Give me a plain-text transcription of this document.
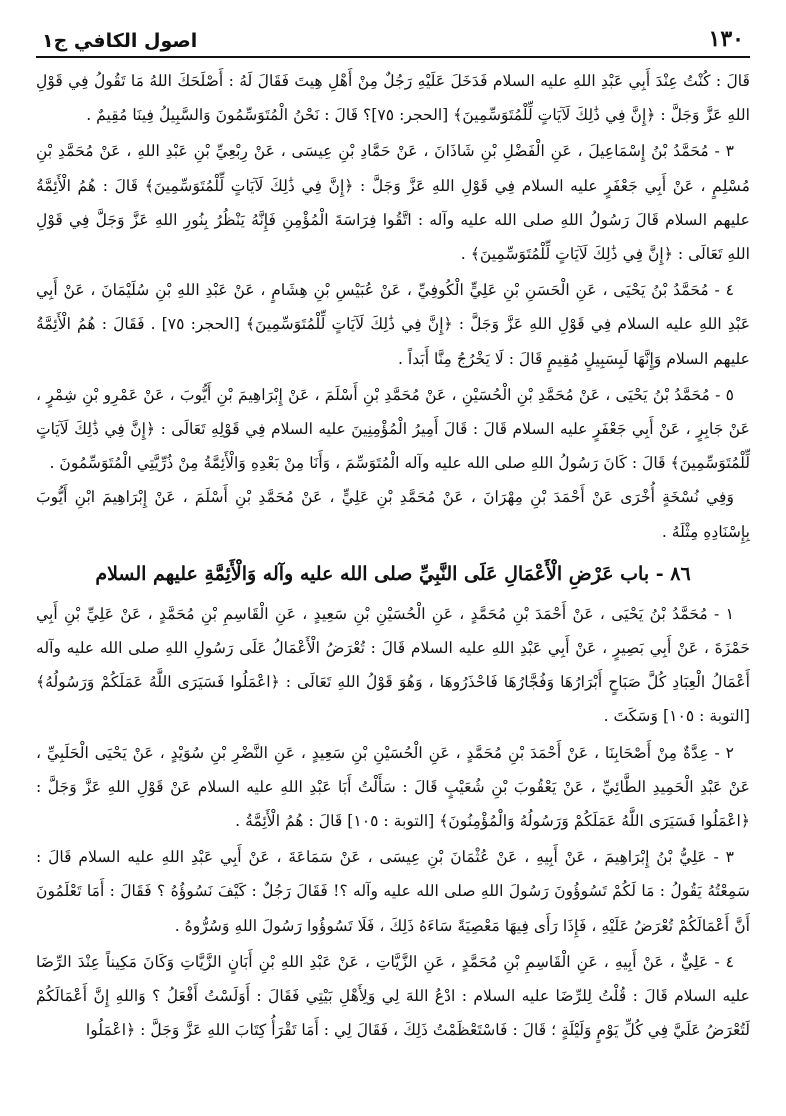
١٣٠
اصول الكافي ج١

قَالَ : كُنْتُ عِنْدَ أَبِي عَبْدِ اللهِ عليه السلام فَدَخَلَ عَلَيْهِ رَجُلٌ مِنْ أَهْلِ هِيتَ فَقَالَ لَهُ : أَصْلَحَكَ اللهُ مَا تَقُولُ فِي قَوْلِ اللهِ عَزَّ وَجَلَّ : ﴿إِنَّ فِي ذَٰلِكَ لَآيَاتٍ لِّلْمُتَوَسِّمِينَ﴾ [الحجر: ٧٥]؟ قَالَ : نَحْنُ الْمُتَوَسِّمُونَ وَالسَّبِيلُ فِينَا مُقِيمٌ .

٣ - مُحَمَّدُ بْنُ إِسْمَاعِيلَ ، عَنِ الْفَضْلِ بْنِ شَاذَانَ ، عَنْ حَمَّادِ بْنِ عِيسَى ، عَنْ رِبْعِيِّ بْنِ عَبْدِ اللهِ ، عَنْ مُحَمَّدِ بْنِ مُسْلِمٍ ، عَنْ أَبِي جَعْفَرٍ عليه السلام فِي قَوْلِ اللهِ عَزَّ وَجَلَّ : ﴿إِنَّ فِي ذَٰلِكَ لَآيَاتٍ لِّلْمُتَوَسِّمِينَ﴾ قَالَ : هُمُ الْأَئِمَّةُ عليهم السلام قَالَ رَسُولُ اللهِ صلى الله عليه وآله : اتَّقُوا فِرَاسَةَ الْمُؤْمِنِ فَإِنَّهُ يَنْظُرُ بِنُورِ اللهِ عَزَّ وَجَلَّ فِي قَوْلِ اللهِ تَعَالَى : ﴿إِنَّ فِي ذَٰلِكَ لَآيَاتٍ لِّلْمُتَوَسِّمِينَ﴾ .

٤ - مُحَمَّدُ بْنُ يَحْيَى ، عَنِ الْحَسَنِ بْنِ عَلِيٍّ الْكُوفِيِّ ، عَنْ عُبَيْسِ بْنِ هِشَامٍ ، عَنْ عَبْدِ اللهِ بْنِ سُلَيْمَانَ ، عَنْ أَبِي عَبْدِ اللهِ عليه السلام فِي قَوْلِ اللهِ عَزَّ وَجَلَّ : ﴿إِنَّ فِي ذَٰلِكَ لَآيَاتٍ لِّلْمُتَوَسِّمِينَ﴾ [الحجر: ٧٥] . فَقَالَ : هُمُ الْأَئِمَّةُ عليهم السلام وَإِنَّهَا لَبِسَبِيلٍ مُقِيمٍ قَالَ : لَا يَخْرُجُ مِنَّا أَبَداً .

٥ - مُحَمَّدُ بْنُ يَحْيَى ، عَنْ مُحَمَّدِ بْنِ الْحُسَيْنِ ، عَنْ مُحَمَّدِ بْنِ أَسْلَمَ ، عَنْ إِبْرَاهِيمَ بْنِ أَيُّوبَ ، عَنْ عَمْرِو بْنِ شِمْرٍ ، عَنْ جَابِرٍ ، عَنْ أَبِي جَعْفَرٍ عليه السلام قَالَ : قَالَ أَمِيرُ الْمُؤْمِنِينَ عليه السلام فِي قَوْلِهِ تَعَالَى : ﴿إِنَّ فِي ذَٰلِكَ لَآيَاتٍ لِّلْمُتَوَسِّمِينَ﴾ قَالَ : كَانَ رَسُولُ اللهِ صلى الله عليه وآله الْمُتَوَسِّمَ ، وَأَنَا مِنْ بَعْدِهِ وَالْأَئِمَّةُ مِنْ ذُرِّيَّتِي الْمُتَوَسِّمُونَ .

وَفِي نُسْخَةٍ أُخْرَى عَنْ أَحْمَدَ بْنِ مِهْرَانَ ، عَنْ مُحَمَّدِ بْنِ عَلِيٍّ ، عَنْ مُحَمَّدِ بْنِ أَسْلَمَ ، عَنْ إِبْرَاهِيمَ ابْنِ أَيُّوبَ بِإِسْنَادِهِ مِثْلَهُ .

٨٦ - باب عَرْضِ الْأَعْمَالِ عَلَى النَّبِيِّ صلى الله عليه وآله وَالْأَئِمَّةِ عليهم السلام

١ - مُحَمَّدُ بْنُ يَحْيَى ، عَنْ أَحْمَدَ بْنِ مُحَمَّدٍ ، عَنِ الْحُسَيْنِ بْنِ سَعِيدٍ ، عَنِ الْقَاسِمِ بْنِ مُحَمَّدٍ ، عَنْ عَلِيِّ بْنِ أَبِي حَمْزَةَ ، عَنْ أَبِي بَصِيرٍ ، عَنْ أَبِي عَبْدِ اللهِ عليه السلام قَالَ : تُعْرَضُ الْأَعْمَالُ عَلَى رَسُولِ اللهِ صلى الله عليه وآله أَعْمَالُ الْعِبَادِ كُلَّ صَبَاحٍ أَبْرَارُهَا وَفُجَّارُهَا فَاحْذَرُوهَا ، وَهُوَ قَوْلُ اللهِ تَعَالَى : ﴿اعْمَلُوا فَسَيَرَى اللَّهُ عَمَلَكُمْ وَرَسُولُهُ﴾ [التوبة : ١٠٥] وَسَكَتَ .

٢ - عِدَّةٌ مِنْ أَصْحَابِنَا ، عَنْ أَحْمَدَ بْنِ مُحَمَّدٍ ، عَنِ الْحُسَيْنِ بْنِ سَعِيدٍ ، عَنِ النَّضْرِ بْنِ سُوَيْدٍ ، عَنْ يَحْيَى الْحَلَبِيِّ ، عَنْ عَبْدِ الْحَمِيدِ الطَّائِيِّ ، عَنْ يَعْقُوبَ بْنِ شُعَيْبٍ قَالَ : سَأَلْتُ أَبَا عَبْدِ اللهِ عليه السلام عَنْ قَوْلِ اللهِ عَزَّ وَجَلَّ : ﴿اعْمَلُوا فَسَيَرَى اللَّهُ عَمَلَكُمْ وَرَسُولُهُ وَالْمُؤْمِنُونَ﴾ [التوبة : ١٠٥] قَالَ : هُمُ الْأَئِمَّةُ .

٣ - عَلِيُّ بْنُ إِبْرَاهِيمَ ، عَنْ أَبِيهِ ، عَنْ عُثْمَانَ بْنِ عِيسَى ، عَنْ سَمَاعَةَ ، عَنْ أَبِي عَبْدِ اللهِ عليه السلام قَالَ : سَمِعْتُهُ يَقُولُ : مَا لَكُمْ تَسُوؤُونَ رَسُولَ اللهِ صلى الله عليه وآله ؟! فَقَالَ رَجُلٌ : كَيْفَ نَسُوؤُهُ ؟ فَقَالَ : أَمَا تَعْلَمُونَ أَنَّ أَعْمَالَكُمْ تُعْرَضُ عَلَيْهِ ، فَإِذَا رَأَى فِيهَا مَعْصِيَةً سَاءَهُ ذَلِكَ ، فَلَا تَسُوؤُوا رَسُولَ اللهِ وَسُرُّوهُ .

٤ - عَلِيٌّ ، عَنْ أَبِيهِ ، عَنِ الْقَاسِمِ بْنِ مُحَمَّدٍ ، عَنِ الزَّيَّاتِ ، عَنْ عَبْدِ اللهِ بْنِ أَبَانٍ الزَّيَّاتِ وَكَانَ مَكِيناً عِنْدَ الرِّضَا عليه السلام قَالَ : قُلْتُ لِلرِّضَا عليه السلام : ادْعُ اللهَ لِي وَلِأَهْلِ بَيْتِي فَقَالَ : أَوَلَسْتُ أَفْعَلُ ؟ وَاللهِ إِنَّ أَعْمَالَكُمْ لَتُعْرَضُ عَلَيَّ فِي كُلِّ يَوْمٍ وَلَيْلَةٍ ؛ قَالَ : فَاسْتَعْظَمْتُ ذَلِكَ ، فَقَالَ لِي : أَمَا تَقْرَأُ كِتَابَ اللهِ عَزَّ وَجَلَّ : ﴿اعْمَلُوا
